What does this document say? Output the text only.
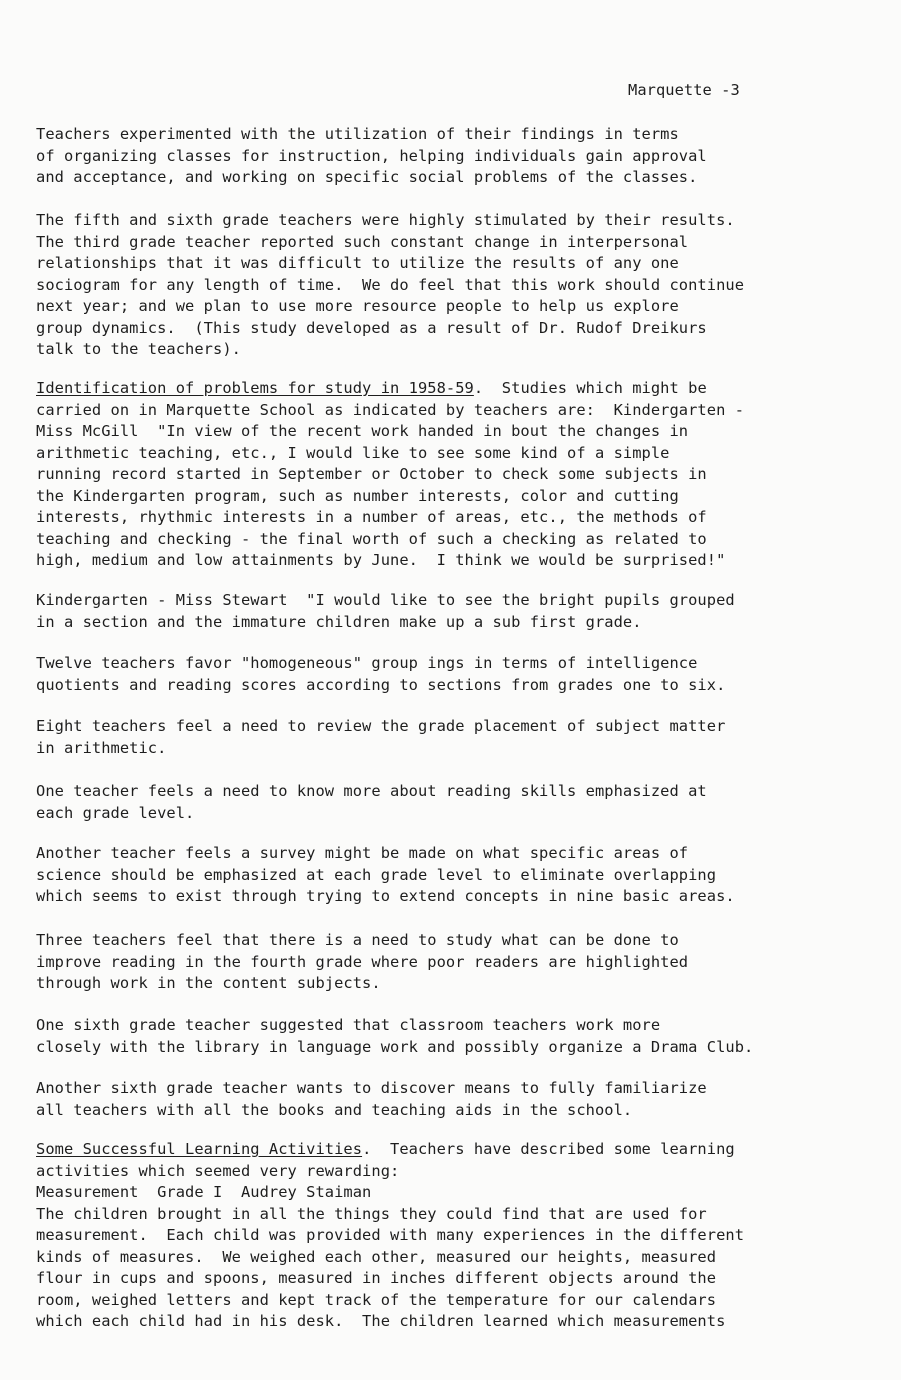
Marquette -3

Teachers experimented with the utilization of their findings in terms
of organizing classes for instruction, helping individuals gain approval
and acceptance, and working on specific social problems of the classes.

The fifth and sixth grade teachers were highly stimulated by their results.
The third grade teacher reported such constant change in interpersonal
relationships that it was difficult to utilize the results of any one
sociogram for any length of time.  We do feel that this work should continue
next year; and we plan to use more resource people to help us explore
group dynamics.  (This study developed as a result of Dr. Rudof Dreikurs
talk to the teachers).

Identification of problems for study in 1958-59.  Studies which might be
carried on in Marquette School as indicated by teachers are:  Kindergarten -
Miss McGill  "In view of the recent work handed in bout the changes in
arithmetic teaching, etc., I would like to see some kind of a simple
running record started in September or October to check some subjects in
the Kindergarten program, such as number interests, color and cutting
interests, rhythmic interests in a number of areas, etc., the methods of
teaching and checking - the final worth of such a checking as related to
high, medium and low attainments by June.  I think we would be surprised!"

Kindergarten - Miss Stewart  "I would like to see the bright pupils grouped
in a section and the immature children make up a sub first grade.

Twelve teachers favor "homogeneous" group ings in terms of intelligence
quotients and reading scores according to sections from grades one to six.

Eight teachers feel a need to review the grade placement of subject matter
in arithmetic.

One teacher feels a need to know more about reading skills emphasized at
each grade level.

Another teacher feels a survey might be made on what specific areas of
science should be emphasized at each grade level to eliminate overlapping
which seems to exist through trying to extend concepts in nine basic areas.

Three teachers feel that there is a need to study what can be done to
improve reading in the fourth grade where poor readers are highlighted
through work in the content subjects.

One sixth grade teacher suggested that classroom teachers work more
closely with the library in language work and possibly organize a Drama Club.

Another sixth grade teacher wants to discover means to fully familiarize
all teachers with all the books and teaching aids in the school.

Some Successful Learning Activities.  Teachers have described some learning
activities which seemed very rewarding:
Measurement  Grade I  Audrey Staiman
The children brought in all the things they could find that are used for
measurement.  Each child was provided with many experiences in the different
kinds of measures.  We weighed each other, measured our heights, measured
flour in cups and spoons, measured in inches different objects around the
room, weighed letters and kept track of the temperature for our calendars
which each child had in his desk.  The children learned which measurements
